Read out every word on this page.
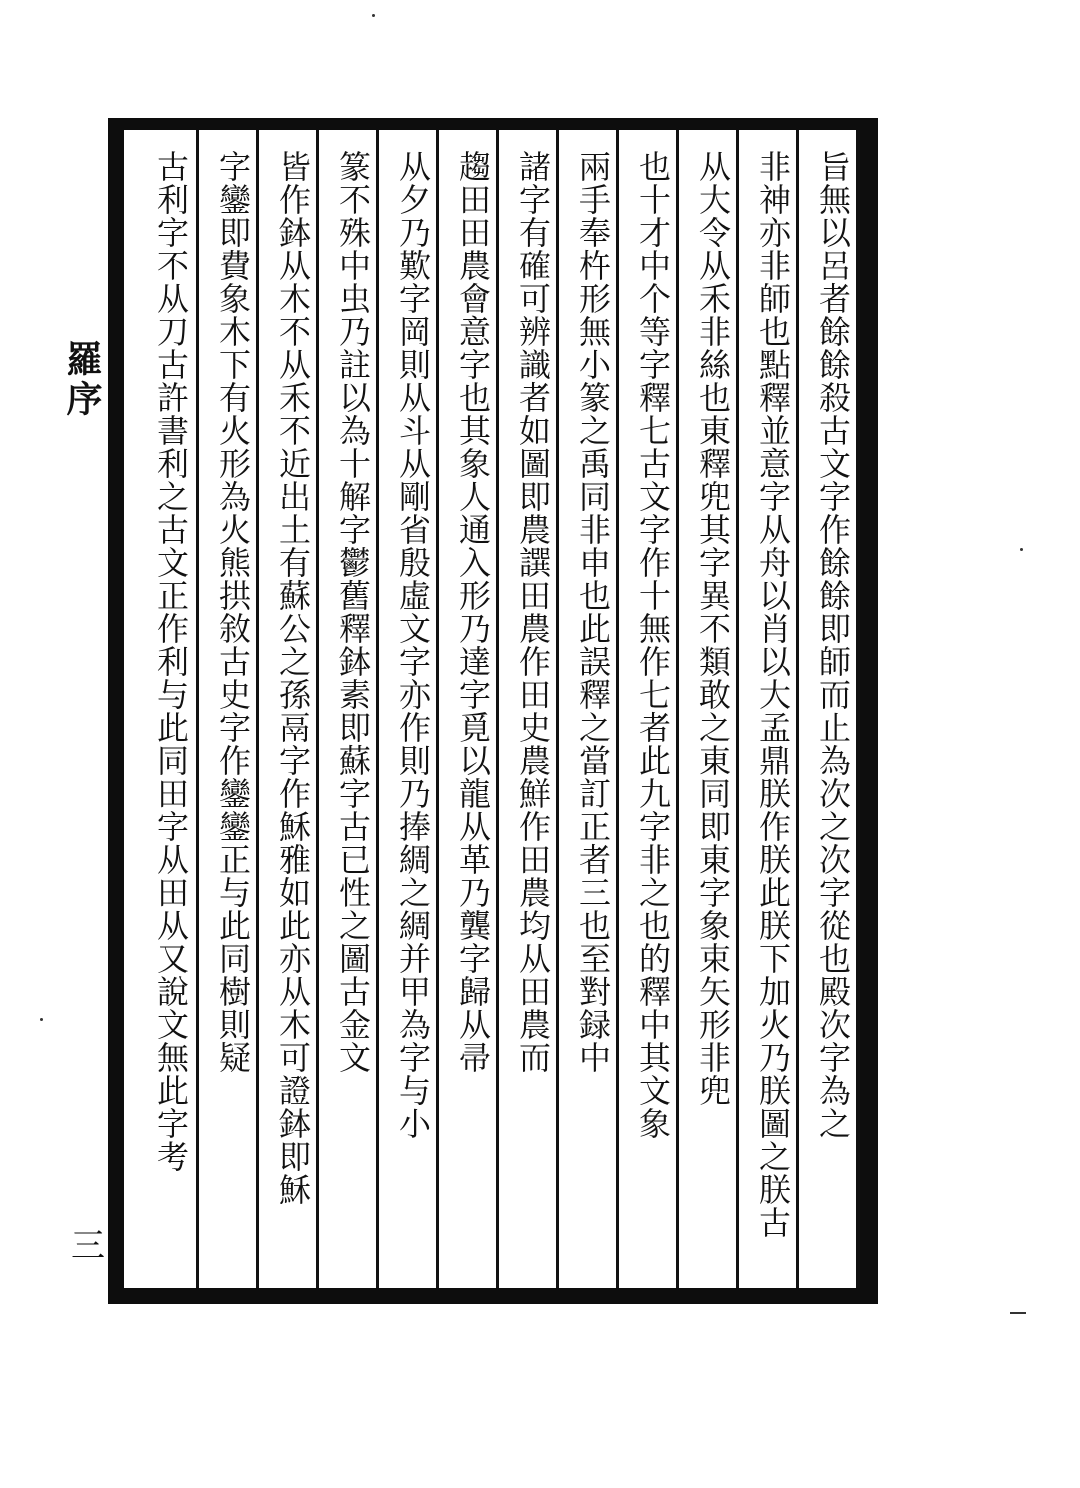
羅序
三
旨無以呂者餘餘殺古文字作餘餘即師而止為次之次字從也殿次字為之
非神亦非師也點釋並意字从舟以肖以大孟鼎朕作朕此朕下加火乃朕圖之朕古
从大令从禾非絲也東釋兜其字異不類敢之東同即東字象束矢形非兜
也十才中个等字釋七古文字作十無作七者此九字非之也的釋中其文象
兩手奉杵形無小篆之禹同非申也此誤釋之當訂正者三也至對録中
諸字有確可辨識者如圖即農譔田農作田史農鮮作田農均从田農而
趨田田農會意字也其象人通入形乃達字覓以龍从革乃龔字歸从帚
从夕乃歎字岡則从斗从剛省殷虛文字亦作則乃捧綢之綢并甲為字与小
篆不殊中虫乃註以為十解字鬱舊釋鉢素即蘇字古已性之圖古金文
皆作鉢从木不从禾不近出土有蘇公之孫鬲字作穌雅如此亦从木可證鉢即穌
字鑾即費象木下有火形為火熊拱敘古史字作鑾鑾正与此同樹則疑
古利字不从刀古許書利之古文正作利与此同田字从田从又說文無此字考
